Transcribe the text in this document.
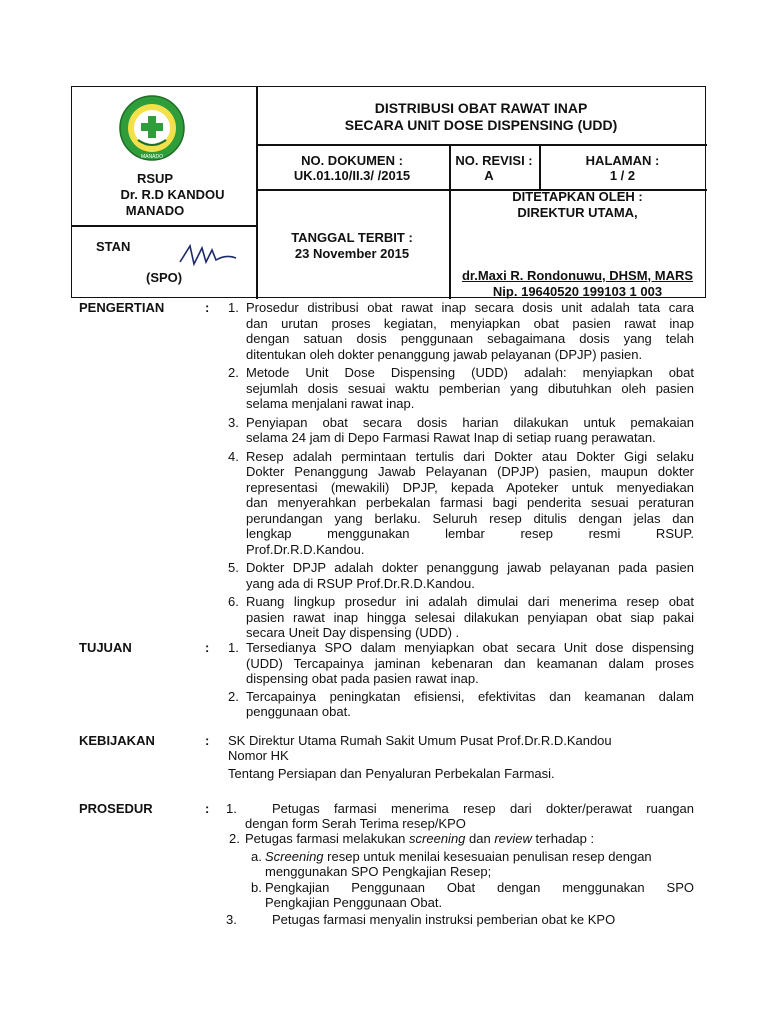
MANADO
RSUP
Dr. R.D KANDOU
MANADO
STAN
(SPO)
DISTRIBUSI OBAT RAWAT INAP
SECARA UNIT DOSE DISPENSING (UDD)
NO. DOKUMEN :
UK.01.10/II.3/ /2015
NO. REVISI :
A
HALAMAN :
1 / 2
TANGGAL TERBIT :
23 November 2015
DITETAPKAN OLEH :
DIREKTUR UTAMA,
dr.Maxi R. Rondonuwu, DHSM, MARS
Nip. 19640520 199103 1 003
PENGERTIAN	: 1. Prosedur distribusi obat rawat inap secara dosis unit adalah tata cara
dan urutan proses kegiatan, menyiapkan obat pasien rawat inap
dengan satuan dosis penggunaan sebagaimana dosis yang telah
ditentukan oleh dokter penanggung jawab pelayanan (DPJP) pasien.
2. Metode Unit Dose Dispensing (UDD) adalah: menyiapkan obat
sejumlah dosis sesuai waktu pemberian yang dibutuhkan oleh pasien
selama menjalani rawat inap.
3. Penyiapan obat secara dosis harian dilakukan untuk pemakaian
selama 24 jam di Depo Farmasi Rawat Inap di setiap ruang perawatan.
4. Resep adalah permintaan tertulis dari Dokter atau Dokter Gigi selaku
Dokter Penanggung Jawab Pelayanan (DPJP) pasien, maupun dokter
representasi (mewakili) DPJP, kepada Apoteker untuk menyediakan
dan menyerahkan perbekalan farmasi bagi penderita sesuai peraturan
perundangan yang berlaku. Seluruh resep ditulis dengan jelas dan
lengkap menggunakan lembar resep resmi RSUP.
Prof.Dr.R.D.Kandou.
5. Dokter DPJP adalah dokter penanggung jawab pelayanan pada pasien
yang ada di RSUP Prof.Dr.R.D.Kandou.
6. Ruang lingkup prosedur ini adalah dimulai dari menerima resep obat
pasien rawat inap hingga selesai dilakukan penyiapan obat siap pakai
secara Uneit Day dispensing (UDD) .
TUJUAN	: 1. Tersedianya SPO dalam menyiapkan obat secara Unit dose dispensing
(UDD) Tercapainya jaminan kebenaran dan keamanan dalam proses
dispensing obat pada pasien rawat inap.
2. Tercapainya peningkatan efisiensi, efektivitas dan keamanan dalam
penggunaan obat.
KEBIJAKAN	: SK Direktur Utama Rumah Sakit Umum Pusat Prof.Dr.R.D.Kandou
Nomor HK
Tentang Persiapan dan Penyaluran Perbekalan Farmasi.
PROSEDUR	: 1.	Petugas farmasi menerima resep dari dokter/perawat ruangan
dengan form Serah Terima resep/KPO
2. Petugas farmasi melakukan screening dan review terhadap :
a. Screening resep untuk menilai kesesuaian penulisan resep dengan
menggunakan SPO Pengkajian Resep;
b. Pengkajian Penggunaan Obat dengan menggunakan SPO
Pengkajian Penggunaan Obat.
3.	Petugas farmasi menyalin instruksi pemberian obat ke KPO
